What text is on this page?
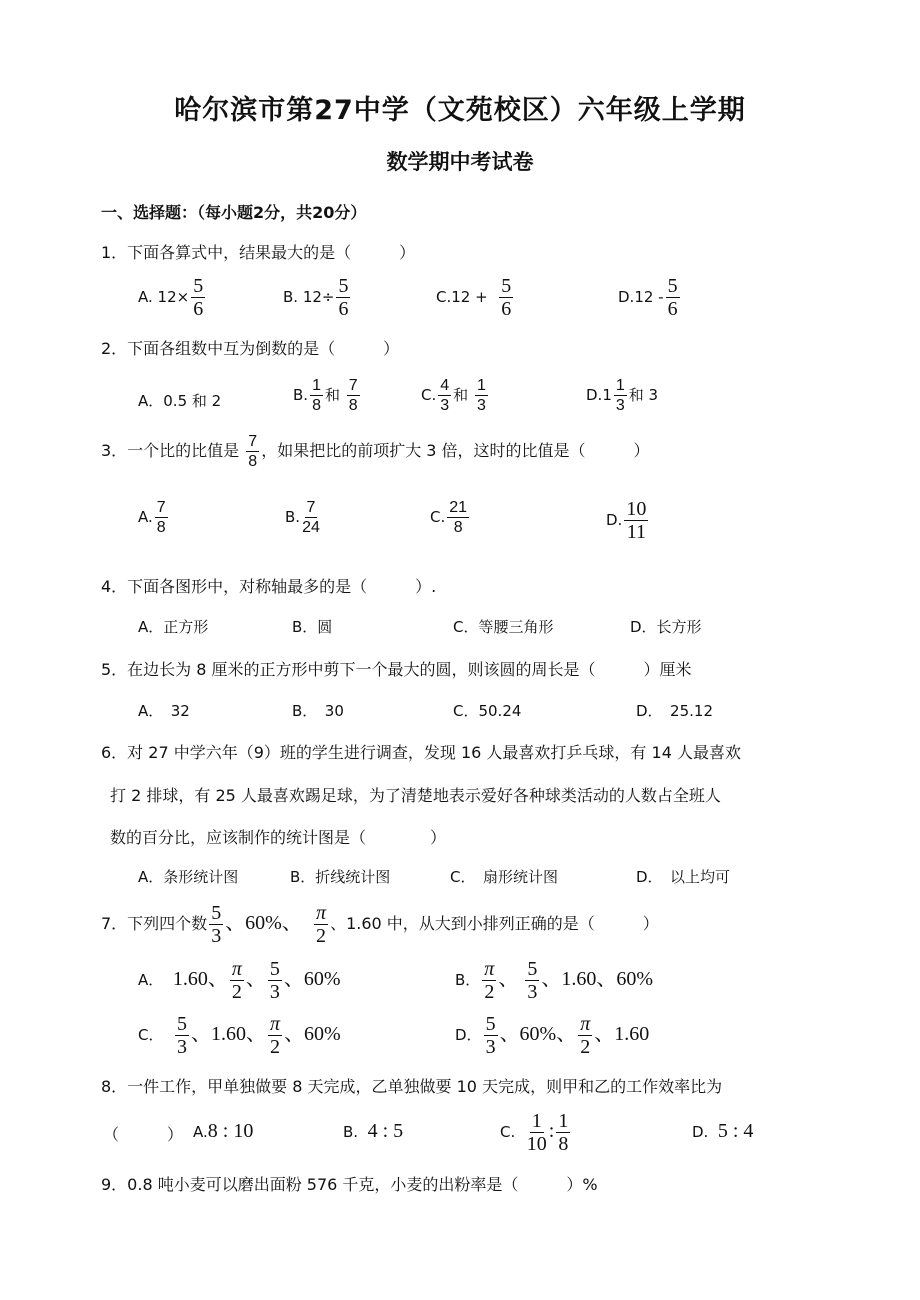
哈尔滨市第27中学（文苑校区）六年级上学期
数学期中考试卷
一、选择题：（每小题2分，共20分）
1．下面各算式中，结果最大的是（　　　）
A. $12\times \frac{5}{6}$	B. $12\div \frac{5}{6}$	$C.12 + \frac{5}{6}$	$D.12 - \frac{5}{6}$
2．下面各组数中互为倒数的是（　　　）
A．0.5 和 2	B. $\frac{1}{8}$ 和 $\frac{7}{8}$	C. $\frac{4}{3}$ 和 $\frac{1}{3}$	$D.1 \frac{1}{3}$ 和 3
3．一个比的比值是 $\frac{7}{8}$ ，如果把比的前项扩大 3 倍，这时的比值是（　　　）
A. $\frac{7}{8}$	B. $\frac{7}{24}$	C. $\frac{21}{8}$	D. $\frac{10}{11}$
4．下面各图形中，对称轴最多的是（　　　）.
A．正方形	B．圆	C．等腰三角形	D．长方形
5．在边长为 8 厘米的正方形中剪下一个最大的圆，则该圆的周长是（　　　）厘米
A．　32	B．　30	C．50.24	D．　25.12
6．对 27 中学六年（9）班的学生进行调查，发现 16 人最喜欢打乒乓球，有 14 人最喜欢
打 2 排球，有 25 人最喜欢踢足球，为了清楚地表示爱好各种球类活动的人数占全班人
数的百分比，应该制作的统计图是（　　　　）
A．条形统计图	B．折线统计图	C．　扇形统计图	D．　以上均可
7．下列四个数 $\frac{5}{3}$ 、60%、 $\frac{\pi}{2}$ 、1.60 中，从大到小排列正确的是（　　　）
A． 1.60、 $\frac{\pi}{2}$ 、 $\frac{5}{3}$ 、60%	B． $\frac{\pi}{2}$ 、 $\frac{5}{3}$ 、1.60、60%
C． $\frac{5}{3}$ 、1.60、 $\frac{\pi}{2}$ 、60%	D． $\frac{5}{3}$ 、60%、 $\frac{\pi}{2}$ 、1.60
8．一件工作，甲单独做要 8 天完成，乙单独做要 10 天完成，则甲和乙的工作效率比为
（　　　） A.8 : 10	B. 4 : 5	C. $\frac{1}{10}$ : $\frac{1}{8}$	D. 5 : 4
9．0.8 吨小麦可以磨出面粉 576 千克，小麦的出粉率是（　　　）%
